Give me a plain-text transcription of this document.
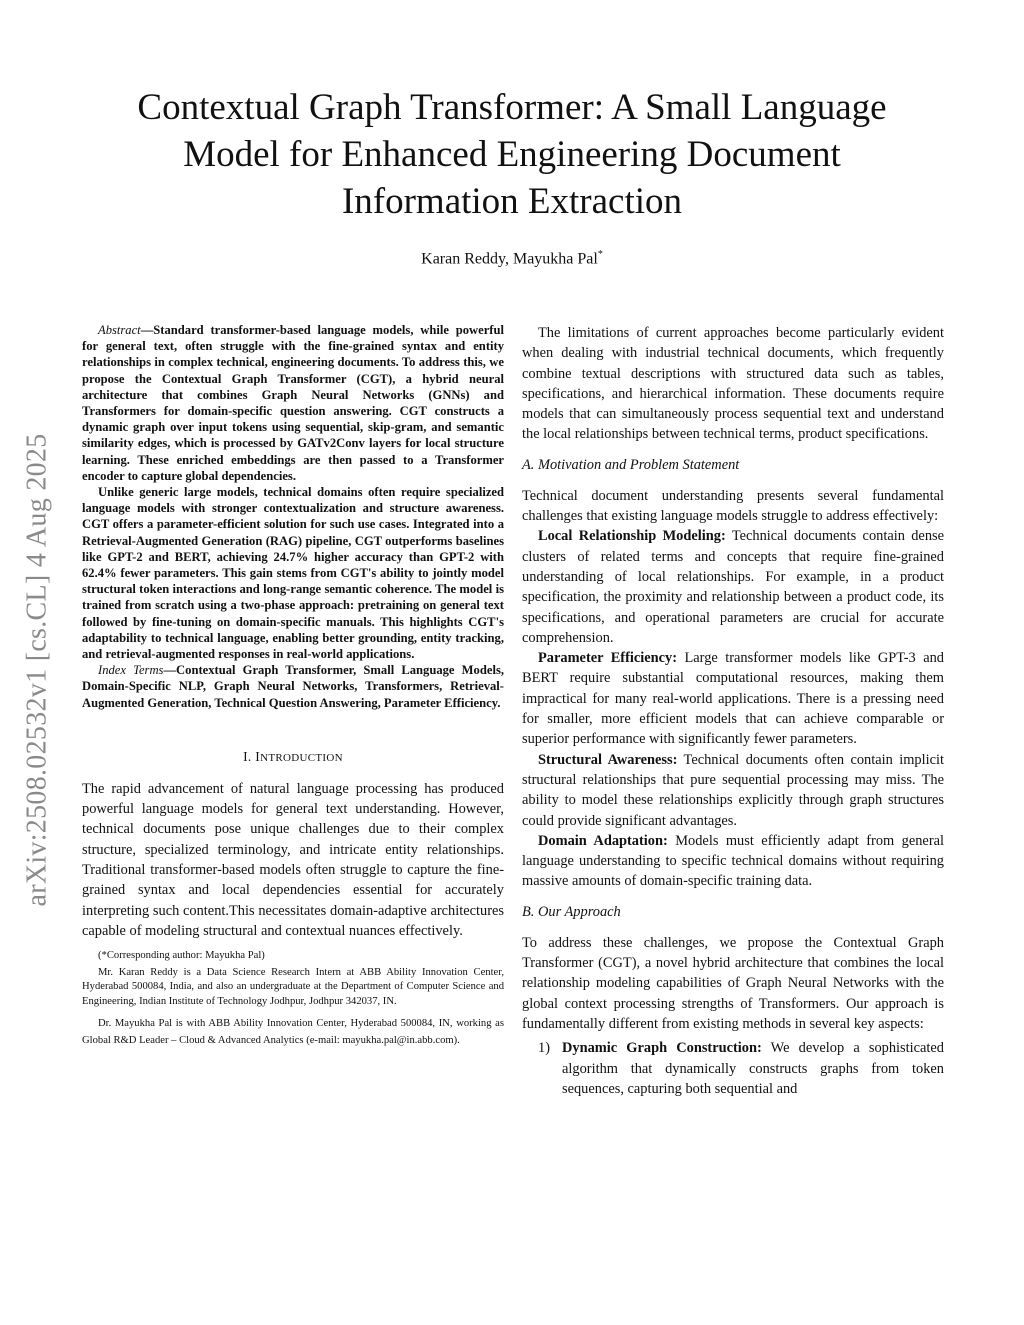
arXiv:2508.02532v1 [cs.CL] 4 Aug 2025
Contextual Graph Transformer: A Small Language
Model for Enhanced Engineering Document
Information Extraction
Karan Reddy, Mayukha Pal*

Abstract—Standard transformer-based language models, while powerful for general text, often struggle with the fine-grained syntax and entity relationships in complex technical, engineering documents. To address this, we propose the Contextual Graph Transformer (CGT), a hybrid neural architecture that combines Graph Neural Networks (GNNs) and Transformers for domain-specific question answering. CGT constructs a dynamic graph over input tokens using sequential, skip-gram, and semantic similarity edges, which is processed by GATv2Conv layers for local structure learning. These enriched embeddings are then passed to a Transformer encoder to capture global dependencies.

Unlike generic large models, technical domains often require specialized language models with stronger contextualization and structure awareness. CGT offers a parameter-efficient solution for such use cases. Integrated into a Retrieval-Augmented Generation (RAG) pipeline, CGT outperforms baselines like GPT-2 and BERT, achieving 24.7% higher accuracy than GPT-2 with 62.4% fewer parameters. This gain stems from CGT's ability to jointly model structural token interactions and long-range semantic coherence. The model is trained from scratch using a two-phase approach: pretraining on general text followed by fine-tuning on domain-specific manuals. This highlights CGT's adaptability to technical language, enabling better grounding, entity tracking, and retrieval-augmented responses in real-world applications.

Index Terms—Contextual Graph Transformer, Small Language Models, Domain-Specific NLP, Graph Neural Networks, Transformers, Retrieval-Augmented Generation, Technical Question Answering, Parameter Efficiency.

I. INTRODUCTION

The rapid advancement of natural language processing has produced powerful language models for general text understanding. However, technical documents pose unique challenges due to their complex structure, specialized terminology, and intricate entity relationships. Traditional transformer-based models often struggle to capture the fine-grained syntax and local dependencies essential for accurately interpreting such content.This necessitates domain-adaptive architectures capable of modeling structural and contextual nuances effectively.

(*Corresponding author: Mayukha Pal)

Mr. Karan Reddy is a Data Science Research Intern at ABB Ability Innovation Center, Hyderabad 500084, India, and also an undergraduate at the Department of Computer Science and Engineering, Indian Institute of Technology Jodhpur, Jodhpur 342037, IN.

Dr. Mayukha Pal is with ABB Ability Innovation Center, Hyderabad 500084, IN, working as Global R&D Leader – Cloud & Advanced Analytics (e-mail: mayukha.pal@in.abb.com).

The limitations of current approaches become particularly evident when dealing with industrial technical documents, which frequently combine textual descriptions with structured data such as tables, specifications, and hierarchical information. These documents require models that can simultaneously process sequential text and understand the local relationships between technical terms, product specifications.

A. Motivation and Problem Statement

Technical document understanding presents several fundamental challenges that existing language models struggle to address effectively:

Local Relationship Modeling: Technical documents contain dense clusters of related terms and concepts that require fine-grained understanding of local relationships. For example, in a product specification, the proximity and relationship between a product code, its specifications, and operational parameters are crucial for accurate comprehension.

Parameter Efficiency: Large transformer models like GPT-3 and BERT require substantial computational resources, making them impractical for many real-world applications. There is a pressing need for smaller, more efficient models that can achieve comparable or superior performance with significantly fewer parameters.

Structural Awareness: Technical documents often contain implicit structural relationships that pure sequential processing may miss. The ability to model these relationships explicitly through graph structures could provide significant advantages.

Domain Adaptation: Models must efficiently adapt from general language understanding to specific technical domains without requiring massive amounts of domain-specific training data.

B. Our Approach

To address these challenges, we propose the Contextual Graph Transformer (CGT), a novel hybrid architecture that combines the local relationship modeling capabilities of Graph Neural Networks with the global context processing strengths of Transformers. Our approach is fundamentally different from existing methods in several key aspects:

1) Dynamic Graph Construction: We develop a sophisticated algorithm that dynamically constructs graphs from token sequences, capturing both sequential and
